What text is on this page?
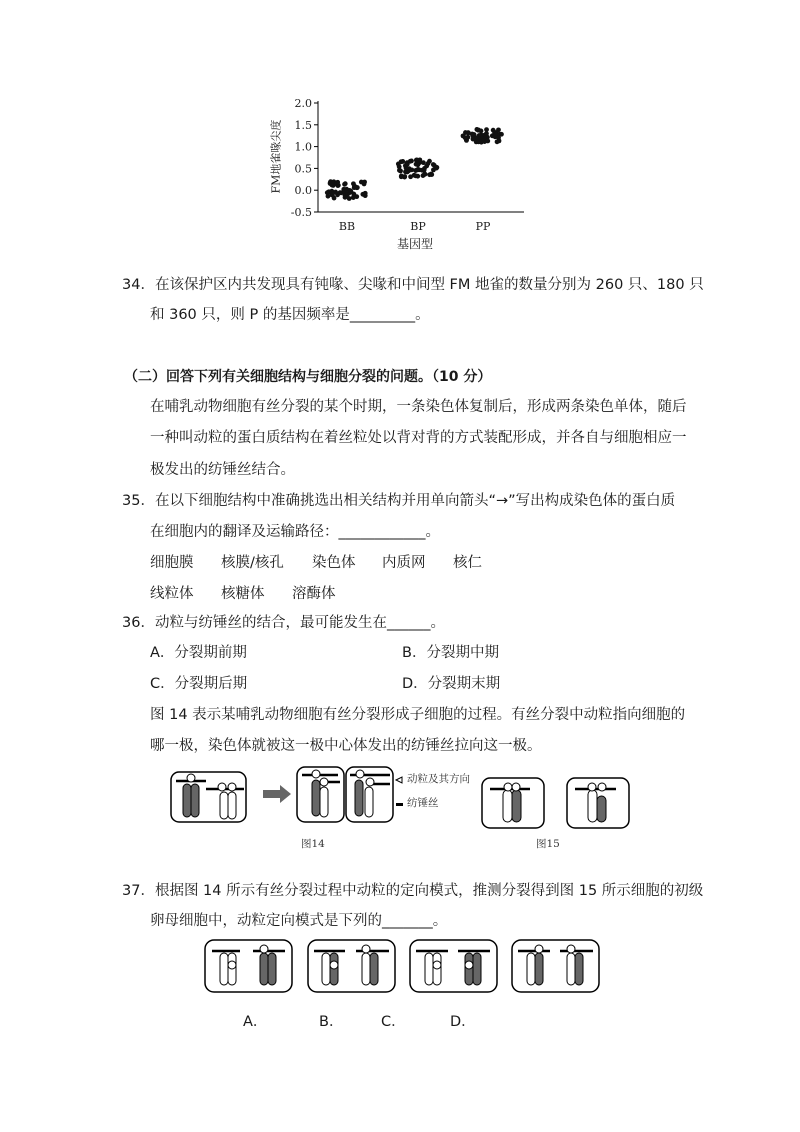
2.0
1.5
1.0
0.5
0.0
-0.5
BB	BP	PP
FM地雀喙尖度
基因型
34．在该保护区内共发现具有钝喙、尖喙和中间型 FM 地雀的数量分别为 260 只、180 只
和 360 只，则 P 的基因频率是_________。
（二）回答下列有关细胞结构与细胞分裂的问题。（10 分）
在哺乳动物细胞有丝分裂的某个时期，一条染色体复制后，形成两条染色单体，随后
一种叫动粒的蛋白质结构在着丝粒处以背对背的方式装配形成，并各自与细胞相应一
极发出的纺锤丝结合。
35．在以下细胞结构中准确挑选出相关结构并用单向箭头“→”写出构成染色体的蛋白质
在细胞内的翻译及运输路径：____________。
细胞膜 核膜/核孔 染色体 内质网 核仁
线粒体 核糖体 溶酶体
36．动粒与纺锤丝的结合，最可能发生在______。
A．分裂期前期	B．分裂期中期
C．分裂期后期	D．分裂期末期
图 14 表示某哺乳动物细胞有丝分裂形成子细胞的过程。有丝分裂中动粒指向细胞的
哪一极，染色体就被这一极中心体发出的纺锤丝拉向这一极。
动粒及其方向
纺锤丝
图14	图15
37．根据图 14 所示有丝分裂过程中动粒的定向模式，推测分裂得到图 15 所示细胞的初级
卵母细胞中，动粒定向模式是下列的_______。
A．	B．	C．	D．
